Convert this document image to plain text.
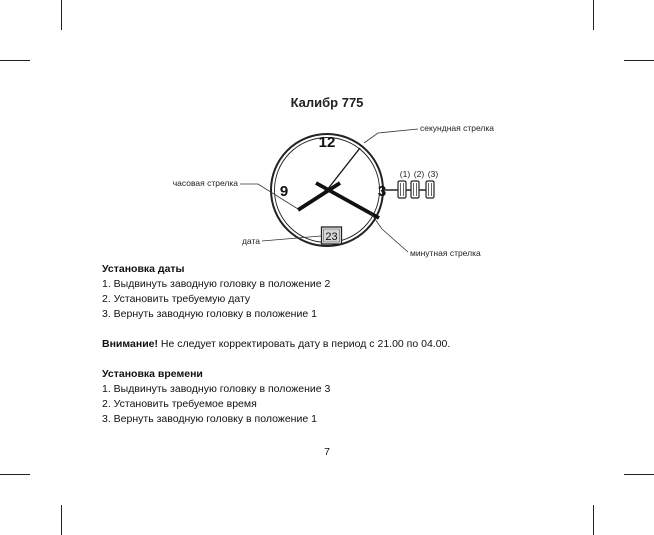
Калибр 775
12
9	3
23
(1) (2) (3)
секундная стрелка
часовая стрелка
минутная стрелка
дата
Установка даты
1. Выдвинуть заводную головку в положение 2
2. Установить требуемую дату
3. Вернуть заводную головку в положение 1
Внимание! Не следует корректировать дату в период с 21.00 по 04.00.
Установка времени
1. Выдвинуть заводную головку в положение 3
2. Установить требуемое время
3. Вернуть заводную головку в положение 1
7
